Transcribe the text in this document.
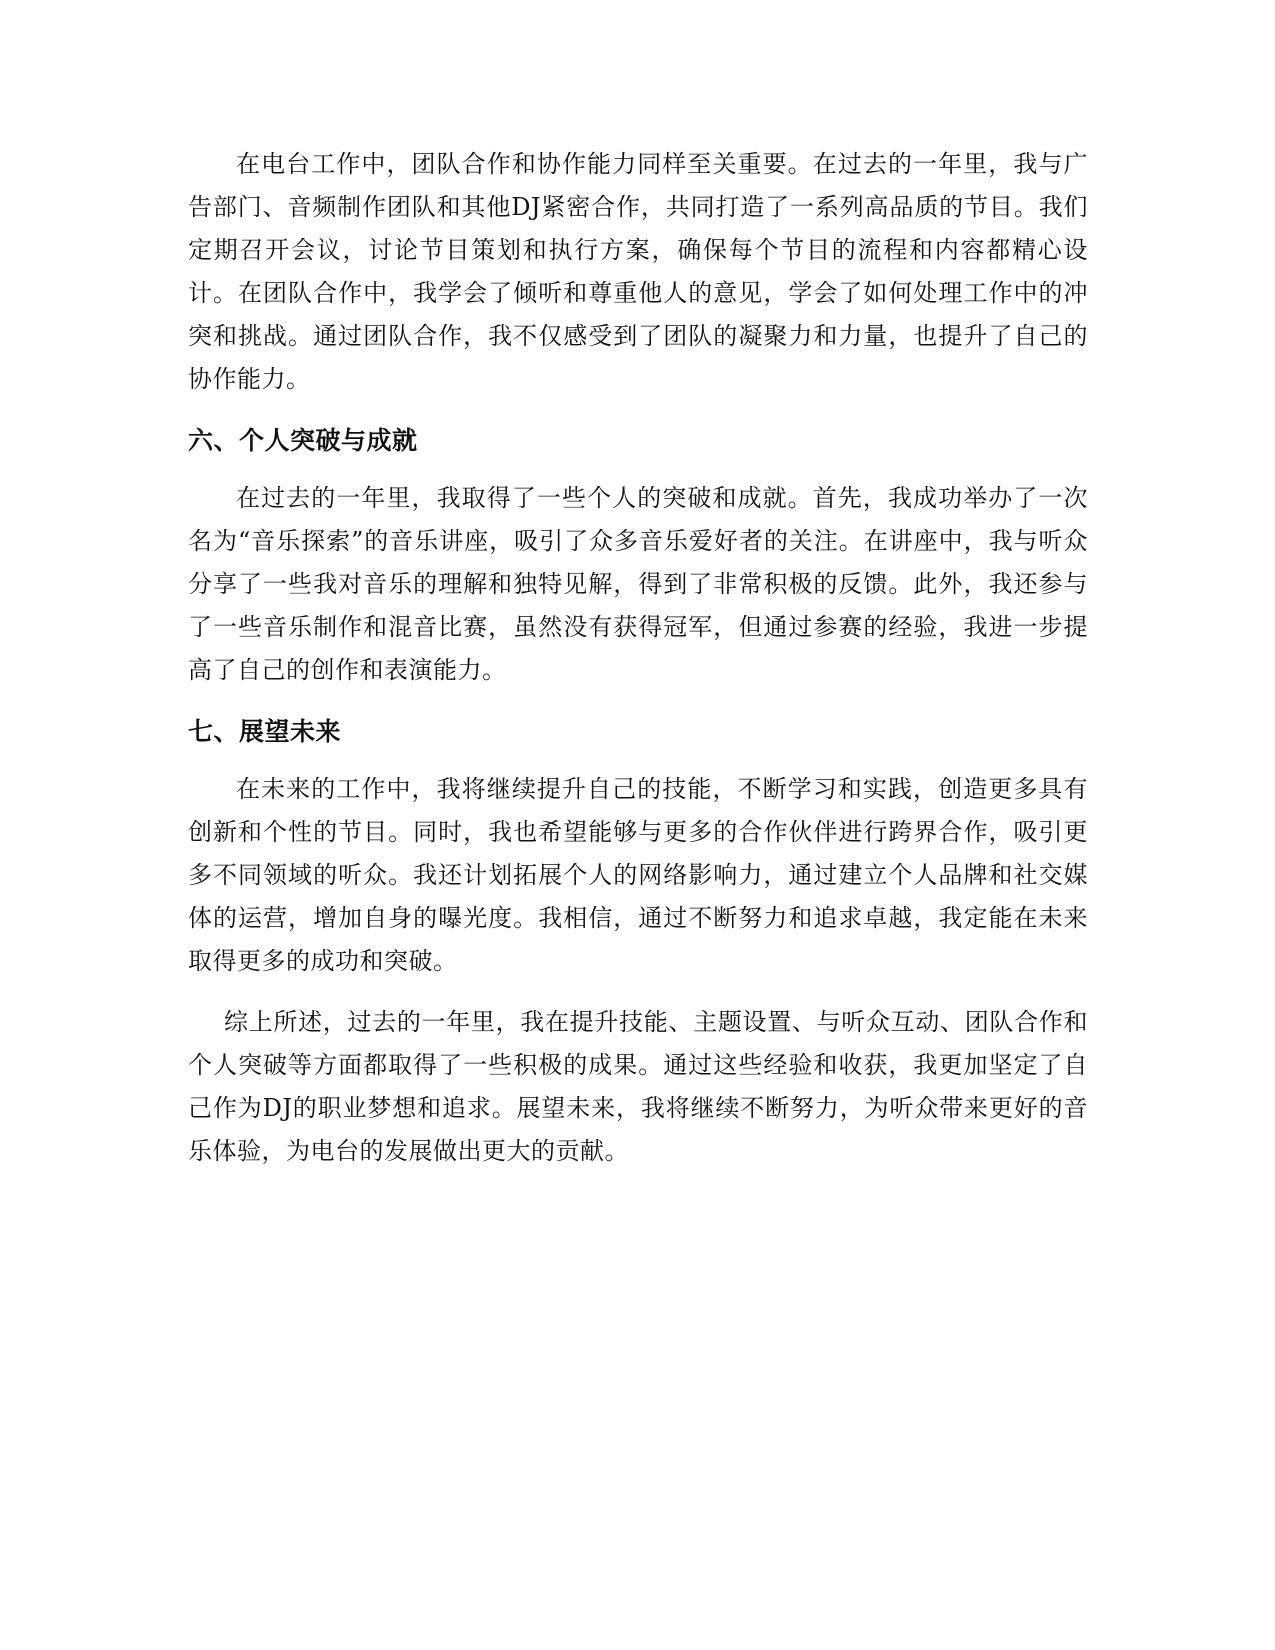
在电台工作中，团队合作和协作能力同样至关重要。在过去的一年里，我与广告部门、音频制作团队和其他DJ紧密合作，共同打造了一系列高品质的节目。我们定期召开会议，讨论节目策划和执行方案，确保每个节目的流程和内容都精心设计。在团队合作中，我学会了倾听和尊重他人的意见，学会了如何处理工作中的冲突和挑战。通过团队合作，我不仅感受到了团队的凝聚力和力量，也提升了自己的协作能力。

六、个人突破与成就

在过去的一年里，我取得了一些个人的突破和成就。首先，我成功举办了一次名为“音乐探索”的音乐讲座，吸引了众多音乐爱好者的关注。在讲座中，我与听众分享了一些我对音乐的理解和独特见解，得到了非常积极的反馈。此外，我还参与了一些音乐制作和混音比赛，虽然没有获得冠军，但通过参赛的经验，我进一步提高了自己的创作和表演能力。

七、展望未来

在未来的工作中，我将继续提升自己的技能，不断学习和实践，创造更多具有创新和个性的节目。同时，我也希望能够与更多的合作伙伴进行跨界合作，吸引更多不同领域的听众。我还计划拓展个人的网络影响力，通过建立个人品牌和社交媒体的运营，增加自身的曝光度。我相信，通过不断努力和追求卓越，我定能在未来取得更多的成功和突破。

综上所述，过去的一年里，我在提升技能、主题设置、与听众互动、团队合作和个人突破等方面都取得了一些积极的成果。通过这些经验和收获，我更加坚定了自己作为DJ的职业梦想和追求。展望未来，我将继续不断努力，为听众带来更好的音乐体验，为电台的发展做出更大的贡献。
